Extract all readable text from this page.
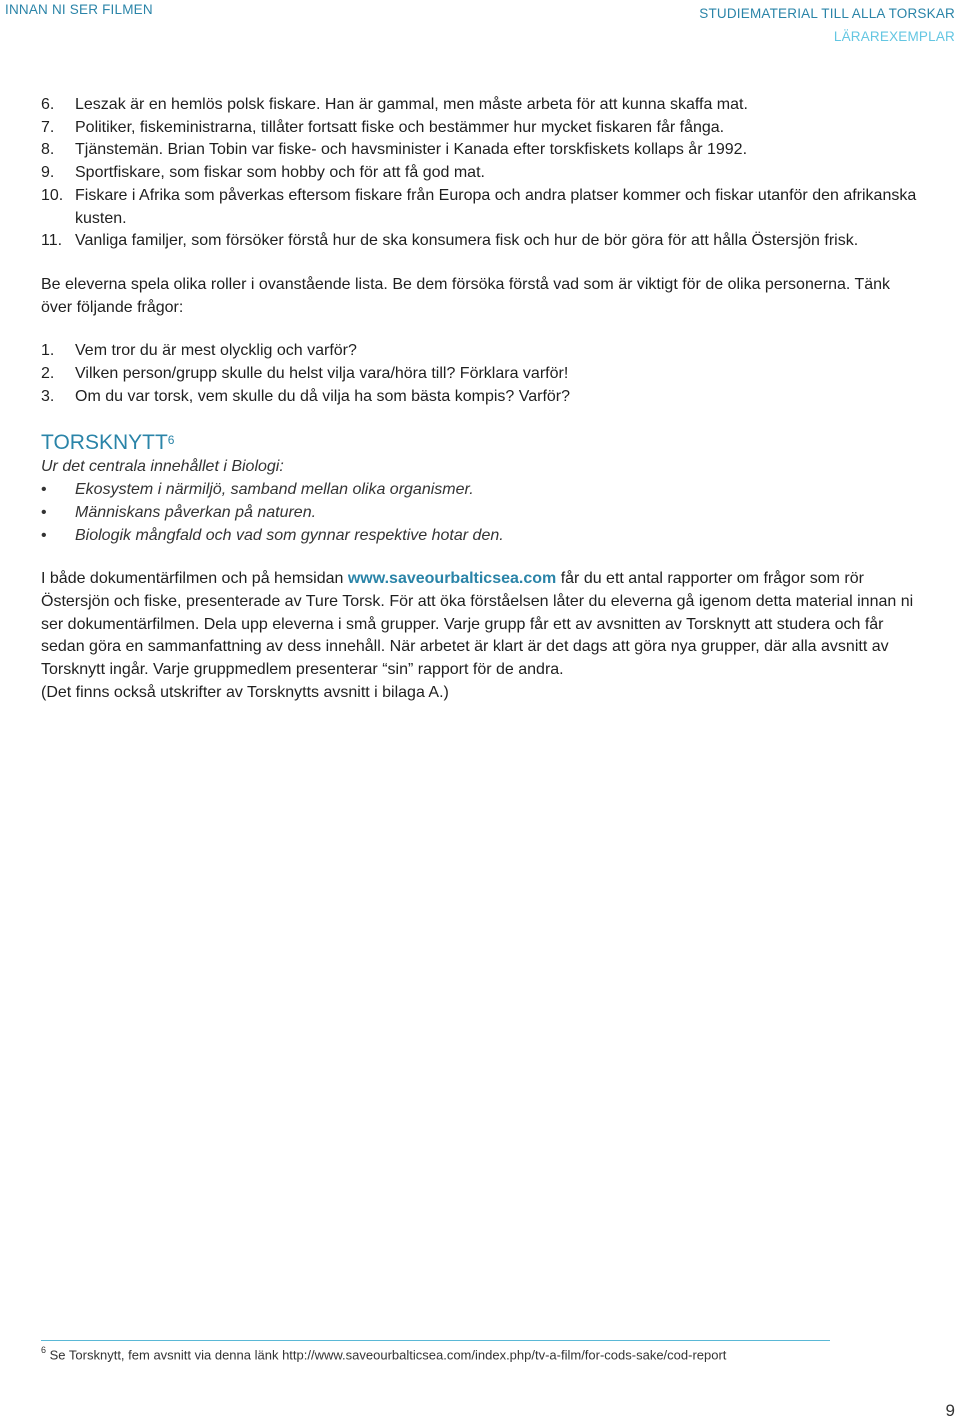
INNAN NI SER FILMEN	STUDIEMATERIAL TILL ALLA TORSKAR
LÄRAREXEMPLAR
6. Leszak är en hemlös polsk fiskare. Han är gammal, men måste arbeta för att kunna skaffa mat.
7. Politiker, fiskeministrarna, tillåter fortsatt fiske och bestämmer hur mycket fiskaren får fånga.
8. Tjänstemän. Brian Tobin var fiske- och havsminister i Kanada efter torskfiskets kollaps år 1992.
9. Sportfiskare, som fiskar som hobby och för att få god mat.
10. Fiskare i Afrika som påverkas eftersom fiskare från Europa och andra platser kommer och fiskar utanför den afrikanska kusten.
11. Vanliga familjer, som försöker förstå hur de ska konsumera fisk och hur de bör göra för att hålla Östersjön frisk.

Be eleverna spela olika roller i ovanstående lista. Be dem försöka förstå vad som är viktigt för de olika personerna. Tänk över följande frågor:

1. Vem tror du är mest olycklig och varför?
2. Vilken person/grupp skulle du helst vilja vara/höra till? Förklara varför!
3. Om du var torsk, vem skulle du då vilja ha som bästa kompis? Varför?
TORSKNYTT$^6$

Ur det centrala innehållet i Biologi:

• Ekosystem i närmiljö, samband mellan olika organismer.
• Människans påverkan på naturen.
• Biologik mångfald och vad som gynnar respektive hotar den.

I både dokumentärfilmen och på hemsidan www.saveourbalticsea.com får du ett antal rapporter om frågor som rör Östersjön och fiske, presenterade av Ture Torsk. För att öka förståelsen låter du eleverna gå igenom detta material innan ni ser dokumentärfilmen. Dela upp eleverna i små grupper. Varje grupp får ett av avsnitten av Torsknytt att studera och får sedan göra en sammanfattning av dess innehåll. När arbetet är klart är det dags att göra nya grupper, där alla avsnitt av Torsknytt ingår. Varje gruppmedlem presenterar “sin” rapport för de andra.

(Det finns också utskrifter av Torsknytts avsnitt i bilaga A.)

$^6$ Se Torsknytt, fem avsnitt via denna länk http://www.saveourbalticsea.com/index.php/tv-a-film/for-cods-sake/cod-report
9
